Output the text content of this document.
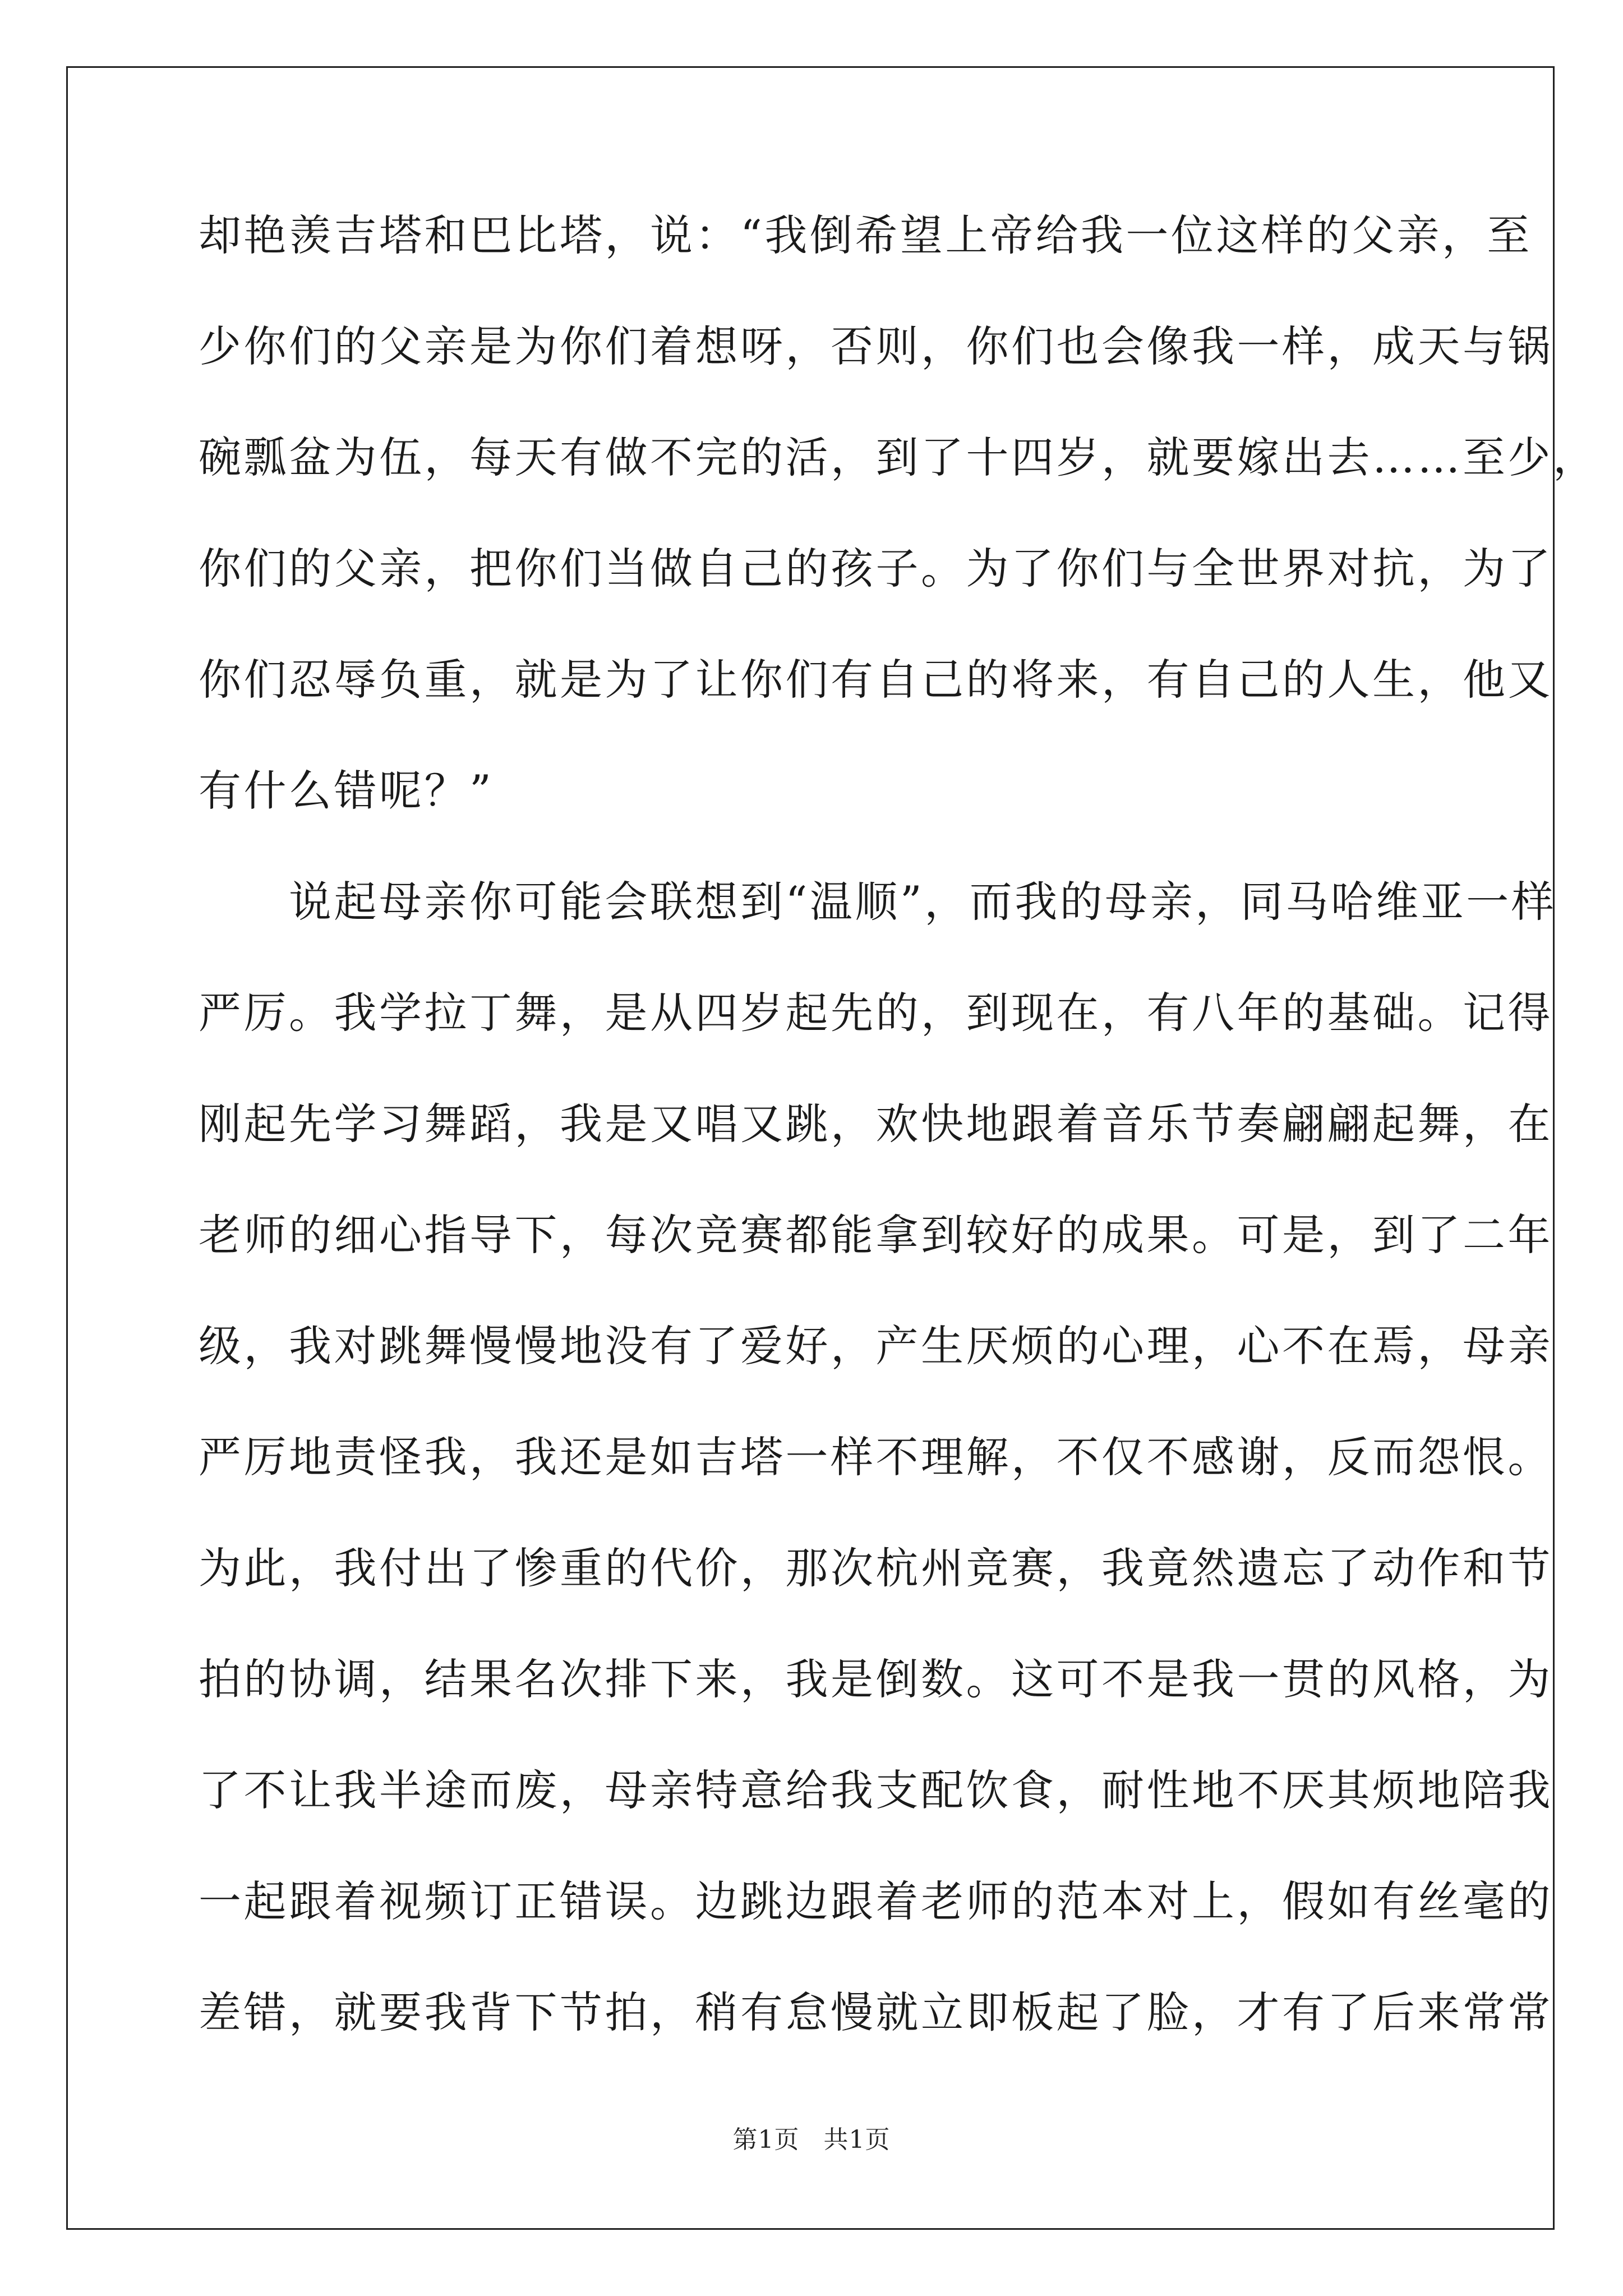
却艳羡吉塔和巴比塔，说：“我倒希望上帝给我一位这样的父亲，至
少你们的父亲是为你们着想呀，否则，你们也会像我一样，成天与锅
碗瓢盆为伍，每天有做不完的活，到了十四岁，就要嫁出去……至少，
你们的父亲，把你们当做自己的孩子。为了你们与全世界对抗，为了
你们忍辱负重，就是为了让你们有自己的将来，有自己的人生，他又
有什么错呢？”
　　说起母亲你可能会联想到“温顺”，而我的母亲，同马哈维亚一样
严厉。我学拉丁舞，是从四岁起先的，到现在，有八年的基础。记得
刚起先学习舞蹈，我是又唱又跳，欢快地跟着音乐节奏翩翩起舞，在
老师的细心指导下，每次竞赛都能拿到较好的成果。可是，到了二年
级，我对跳舞慢慢地没有了爱好，产生厌烦的心理，心不在焉，母亲
严厉地责怪我，我还是如吉塔一样不理解，不仅不感谢，反而怨恨。
为此，我付出了惨重的代价，那次杭州竞赛，我竟然遗忘了动作和节
拍的协调，结果名次排下来，我是倒数。这可不是我一贯的风格，为
了不让我半途而废，母亲特意给我支配饮食，耐性地不厌其烦地陪我
一起跟着视频订正错误。边跳边跟着老师的范本对上，假如有丝毫的
差错，就要我背下节拍，稍有怠慢就立即板起了脸，才有了后来常常
第1页 共1页
